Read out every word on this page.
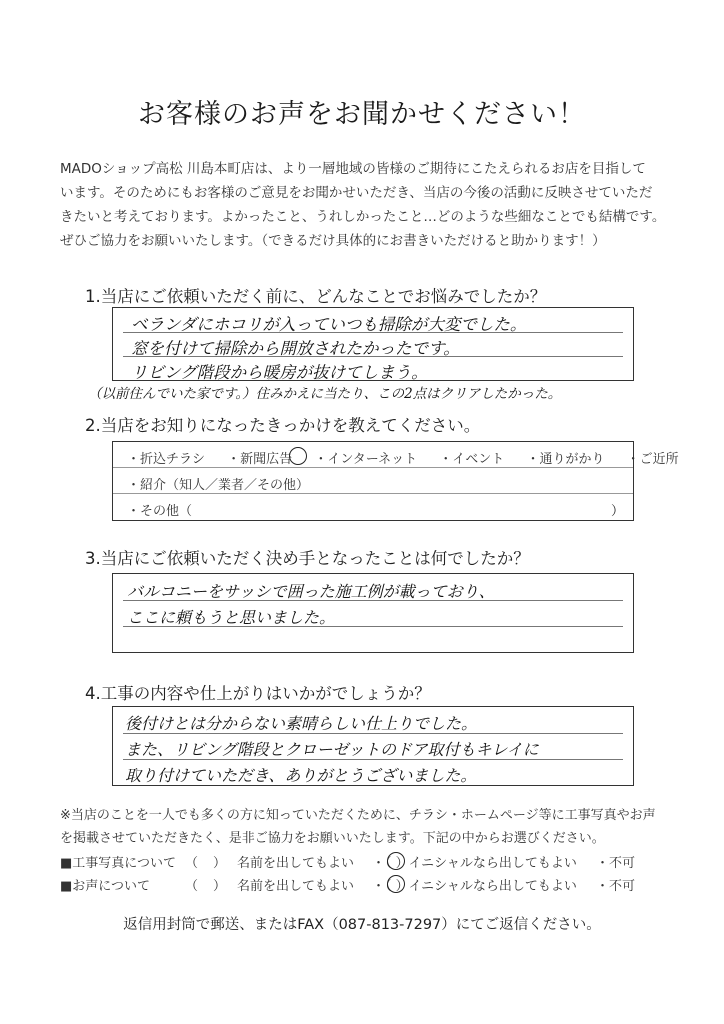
お客様のお声をお聞かせください！
MADOショップ高松 川島本町店は、より一層地域の皆様のご期待にこたえられるお店を目指して
います。そのためにもお客様のご意見をお聞かせいただき、当店の今後の活動に反映させていただ
きたいと考えております。よかったこと、うれしかったこと…どのような些細なことでも結構です。
ぜひご協力をお願いいたします。（できるだけ具体的にお書きいただけると助かります！）
1.当店にご依頼いただく前に、どんなことでお悩みでしたか？
ベランダにホコリが入っていつも掃除が大変でした。
窓を付けて掃除から開放されたかったです。
リビング階段から暖房が抜けてしまう。
（以前住んでいた家です。）住みかえに当たり、この2点はクリアしたかった。
2.当店をお知りになったきっかけを教えてください。
・折込チラシ ・新聞広告 ・インターネット ・イベント ・通りがかり ・ご近所
・紹介（知人／業者／その他）
・その他（	）
3.当店にご依頼いただく決め手となったことは何でしたか？
バルコニーをサッシで囲った施工例が載っており、
ここに頼もうと思いました。
4.工事の内容や仕上がりはいかがでしょうか？
後付けとは分からない素晴らしい仕上りでした。
また、リビング階段とクローゼットのドア取付もキレイに
取り付けていただき、ありがとうございました。
※当店のことを一人でも多くの方に知っていただくために、チラシ・ホームページ等に工事写真やお声
を掲載させていただきたく、是非ご協力をお願いいたします。下記の中からお選びください。
■工事写真について （ ） 名前を出してもよい ・（ ）イニシャルなら出してもよい ・不可
■お声について	（ ） 名前を出してもよい ・（ ）イニシャルなら出してもよい ・不可
返信用封筒で郵送、またはFAX（087-813-7297）にてご返信ください。
